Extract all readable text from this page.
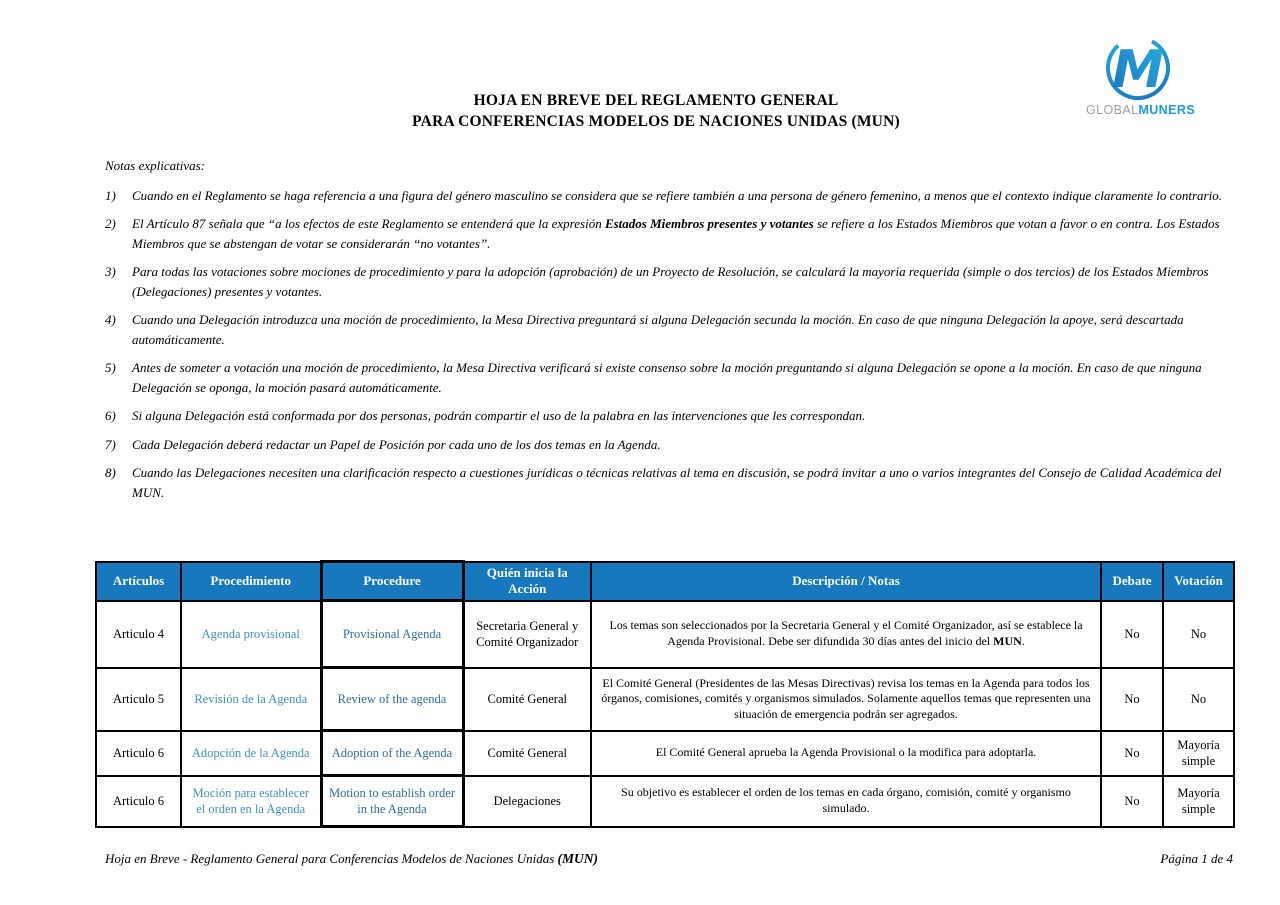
HOJA EN BREVE DEL REGLAMENTO GENERAL
PARA CONFERENCIAS MODELOS DE NACIONES UNIDAS (MUN)
M
GLOBALMUNERS
Notas explicativas:
1)	Cuando en el Reglamento se haga referencia a una figura del género masculino se considera que se refiere también a una persona de género femenino, a menos que el contexto indique claramente lo contrario.
2)	El Artículo 87 señala que “a los efectos de este Reglamento se entenderá que la expresión Estados Miembros presentes y votantes se refiere a los Estados Miembros que votan a favor o en contra. Los Estados Miembros que se abstengan de votar se considerarán “no votantes”.
3)	Para todas las votaciones sobre mociones de procedimiento y para la adopción (aprobación) de un Proyecto de Resolución, se calculará la mayoria requerida (simple o dos tercios) de los Estados Miembros (Delegaciones) presentes y votantes.
4)	Cuando una Delegación introduzca una moción de procedimiento, la Mesa Directiva preguntará si alguna Delegación secunda la moción. En caso de que ninguna Delegación la apoye, será descartada automáticamente.
5)	Antes de someter a votación una moción de procedimiento, la Mesa Directiva verificará si existe consenso sobre la moción preguntando si alguna Delegación se opone a la moción. En caso de que ninguna Delegación se oponga, la moción pasará automáticamente.
6)	Si alguna Delegación está conformada por dos personas, podrán compartir el uso de la palabra en las intervenciones que les correspondan.
7)	Cada Delegación deberá redactar un Papel de Posición por cada uno de los dos temas en la Agenda.
8)	Cuando las Delegaciones necesiten una clarificación respecto a cuestiones jurídicas o técnicas relativas al tema en discusión, se podrá invitar a uno o varios integrantes del Consejo de Calidad Académica del MUN.
Artículos	Procedimiento	Procedure	Quién inicia la Acción	Descripción / Notas	Debate	Votación
Articulo 4	Agenda provisional	Provisional Agenda	Secretaria General y Comité Organizador	Los temas son seleccionados por la Secretaria General y el Comité Organizador, así se establece la Agenda Provisional. Debe ser difundida 30 días antes del inicio del MUN.	No	No
Articulo 5	Revisión de la Agenda	Review of the agenda	Comité General	El Comité General (Presidentes de las Mesas Directivas) revisa los temas en la Agenda para todos los órganos, comisiones, comités y organismos simulados. Solamente aquellos temas que representen una situación de emergencia podrán ser agregados.	No	No
Articulo 6	Adopción de la Agenda	Adoption of the Agenda	Comité General	El Comité General aprueba la Agenda Provisional o la modifica para adoptarla.	No	Mayoría simple
Articulo 6	Moción para establecer el orden en la Agenda	Motion to establish order in the Agenda	Delegaciones	Su objetivo es establecer el orden de los temas en cada órgano, comisión, comité y organismo simulado.	No	Mayoría simple
Hoja en Breve - Reglamento General para Conferencias Modelos de Naciones Unidas (MUN)	Página 1 de 4
